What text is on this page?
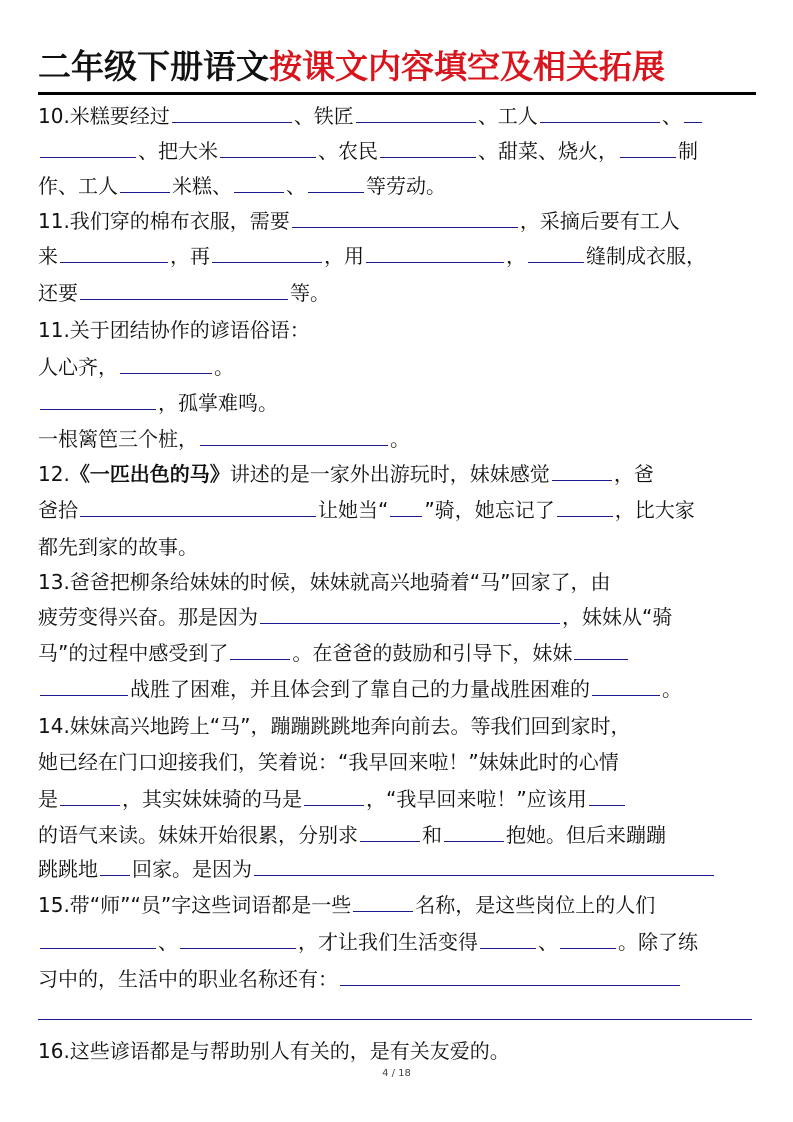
二年级下册语文按课文内容填空及相关拓展
10.米糕要经过	、铁匠	、工人	、
、把大米	、农民	、甜菜、烧火，	制
作、工人	米糕、	、	等劳动。
11.我们穿的棉布衣服，需要	，采摘后要有工人
来	，再	，用	，	缝制成衣服，
还要	等。
11.关于团结协作的谚语俗语：
人心齐，	。
，孤掌难鸣。
一根篱笆三个桩，	。
12.《一匹出色的马》讲述的是一家外出游玩时，妹妹感觉	，爸
爸拾	让她当“ ”骑，她忘记了	，比大家
都先到家的故事。
13.爸爸把柳条给妹妹的时候，妹妹就高兴地骑着“马”回家了，由
疲劳变得兴奋。那是因为	，妹妹从“骑
马”的过程中感受到了	。在爸爸的鼓励和引导下，妹妹
战胜了困难，并且体会到了靠自己的力量战胜困难的	。
14.妹妹高兴地跨上“马”，蹦蹦跳跳地奔向前去。等我们回到家时，
她已经在门口迎接我们，笑着说：“我早回来啦！”妹妹此时的心情
是	，其实妹妹骑的马是	，“我早回来啦！”应该用
的语气来读。妹妹开始很累，分别求	和	抱她。但后来蹦蹦
跳跳地 回家。是因为
15.带“师”“员”字这些词语都是一些	名称，是这些岗位上的人们
、	，才让我们生活变得	、	。除了练
习中的，生活中的职业名称还有：
16.这些谚语都是与帮助别人有关的，是有关友爱的。
4 / 18
